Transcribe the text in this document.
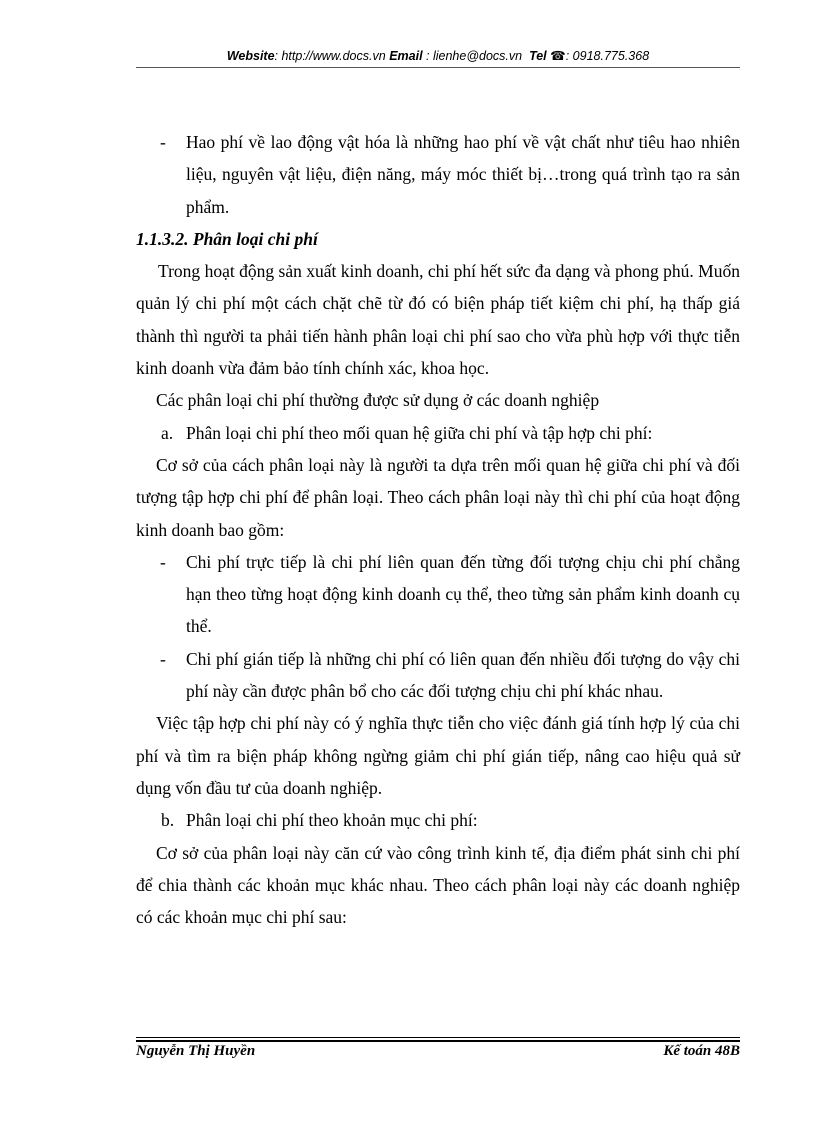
Website: http://www.docs.vn Email : lienhe@docs.vn Tel ☎: 0918.775.368
- Hao phí về lao động vật hóa là những hao phí về vật chất như tiêu hao nhiên liệu, nguyên vật liệu, điện năng, máy móc thiết bị…trong quá trình tạo ra sản phẩm.

1.1.3.2. Phân loại chi phí

Trong hoạt động sản xuất kinh doanh, chi phí hết sức đa dạng và phong phú. Muốn quản lý chi phí một cách chặt chẽ từ đó có biện pháp tiết kiệm chi phí, hạ thấp giá thành thì người ta phải tiến hành phân loại chi phí sao cho vừa phù hợp với thực tiễn kinh doanh vừa đảm bảo tính chính xác, khoa học.

Các phân loại chi phí thường được sử dụng ở các doanh nghiệp

a. Phân loại chi phí theo mối quan hệ giữa chi phí và tập hợp chi phí:

Cơ sở của cách phân loại này là người ta dựa trên mối quan hệ giữa chi phí và đối tượng tập hợp chi phí để phân loại. Theo cách phân loại này thì chi phí của hoạt động kinh doanh bao gồm:

- Chi phí trực tiếp là chi phí liên quan đến từng đối tượng chịu chi phí chẳng hạn theo từng hoạt động kinh doanh cụ thể, theo từng sản phẩm kinh doanh cụ thể.

- Chi phí gián tiếp là những chi phí có liên quan đến nhiều đối tượng do vậy chi phí này cần được phân bổ cho các đối tượng chịu chi phí khác nhau.

Việc tập hợp chi phí này có ý nghĩa thực tiễn cho việc đánh giá tính hợp lý của chi phí và tìm ra biện pháp không ngừng giảm chi phí gián tiếp, nâng cao hiệu quả sử dụng vốn đầu tư của doanh nghiệp.

b. Phân loại chi phí theo khoản mục chi phí:

Cơ sở của phân loại này căn cứ vào công trình kinh tế, địa điểm phát sinh chi phí để chia thành các khoản mục khác nhau. Theo cách phân loại này các doanh nghiệp có các khoản mục chi phí sau:

Nguyễn Thị Huyền	Kế toán 48B
